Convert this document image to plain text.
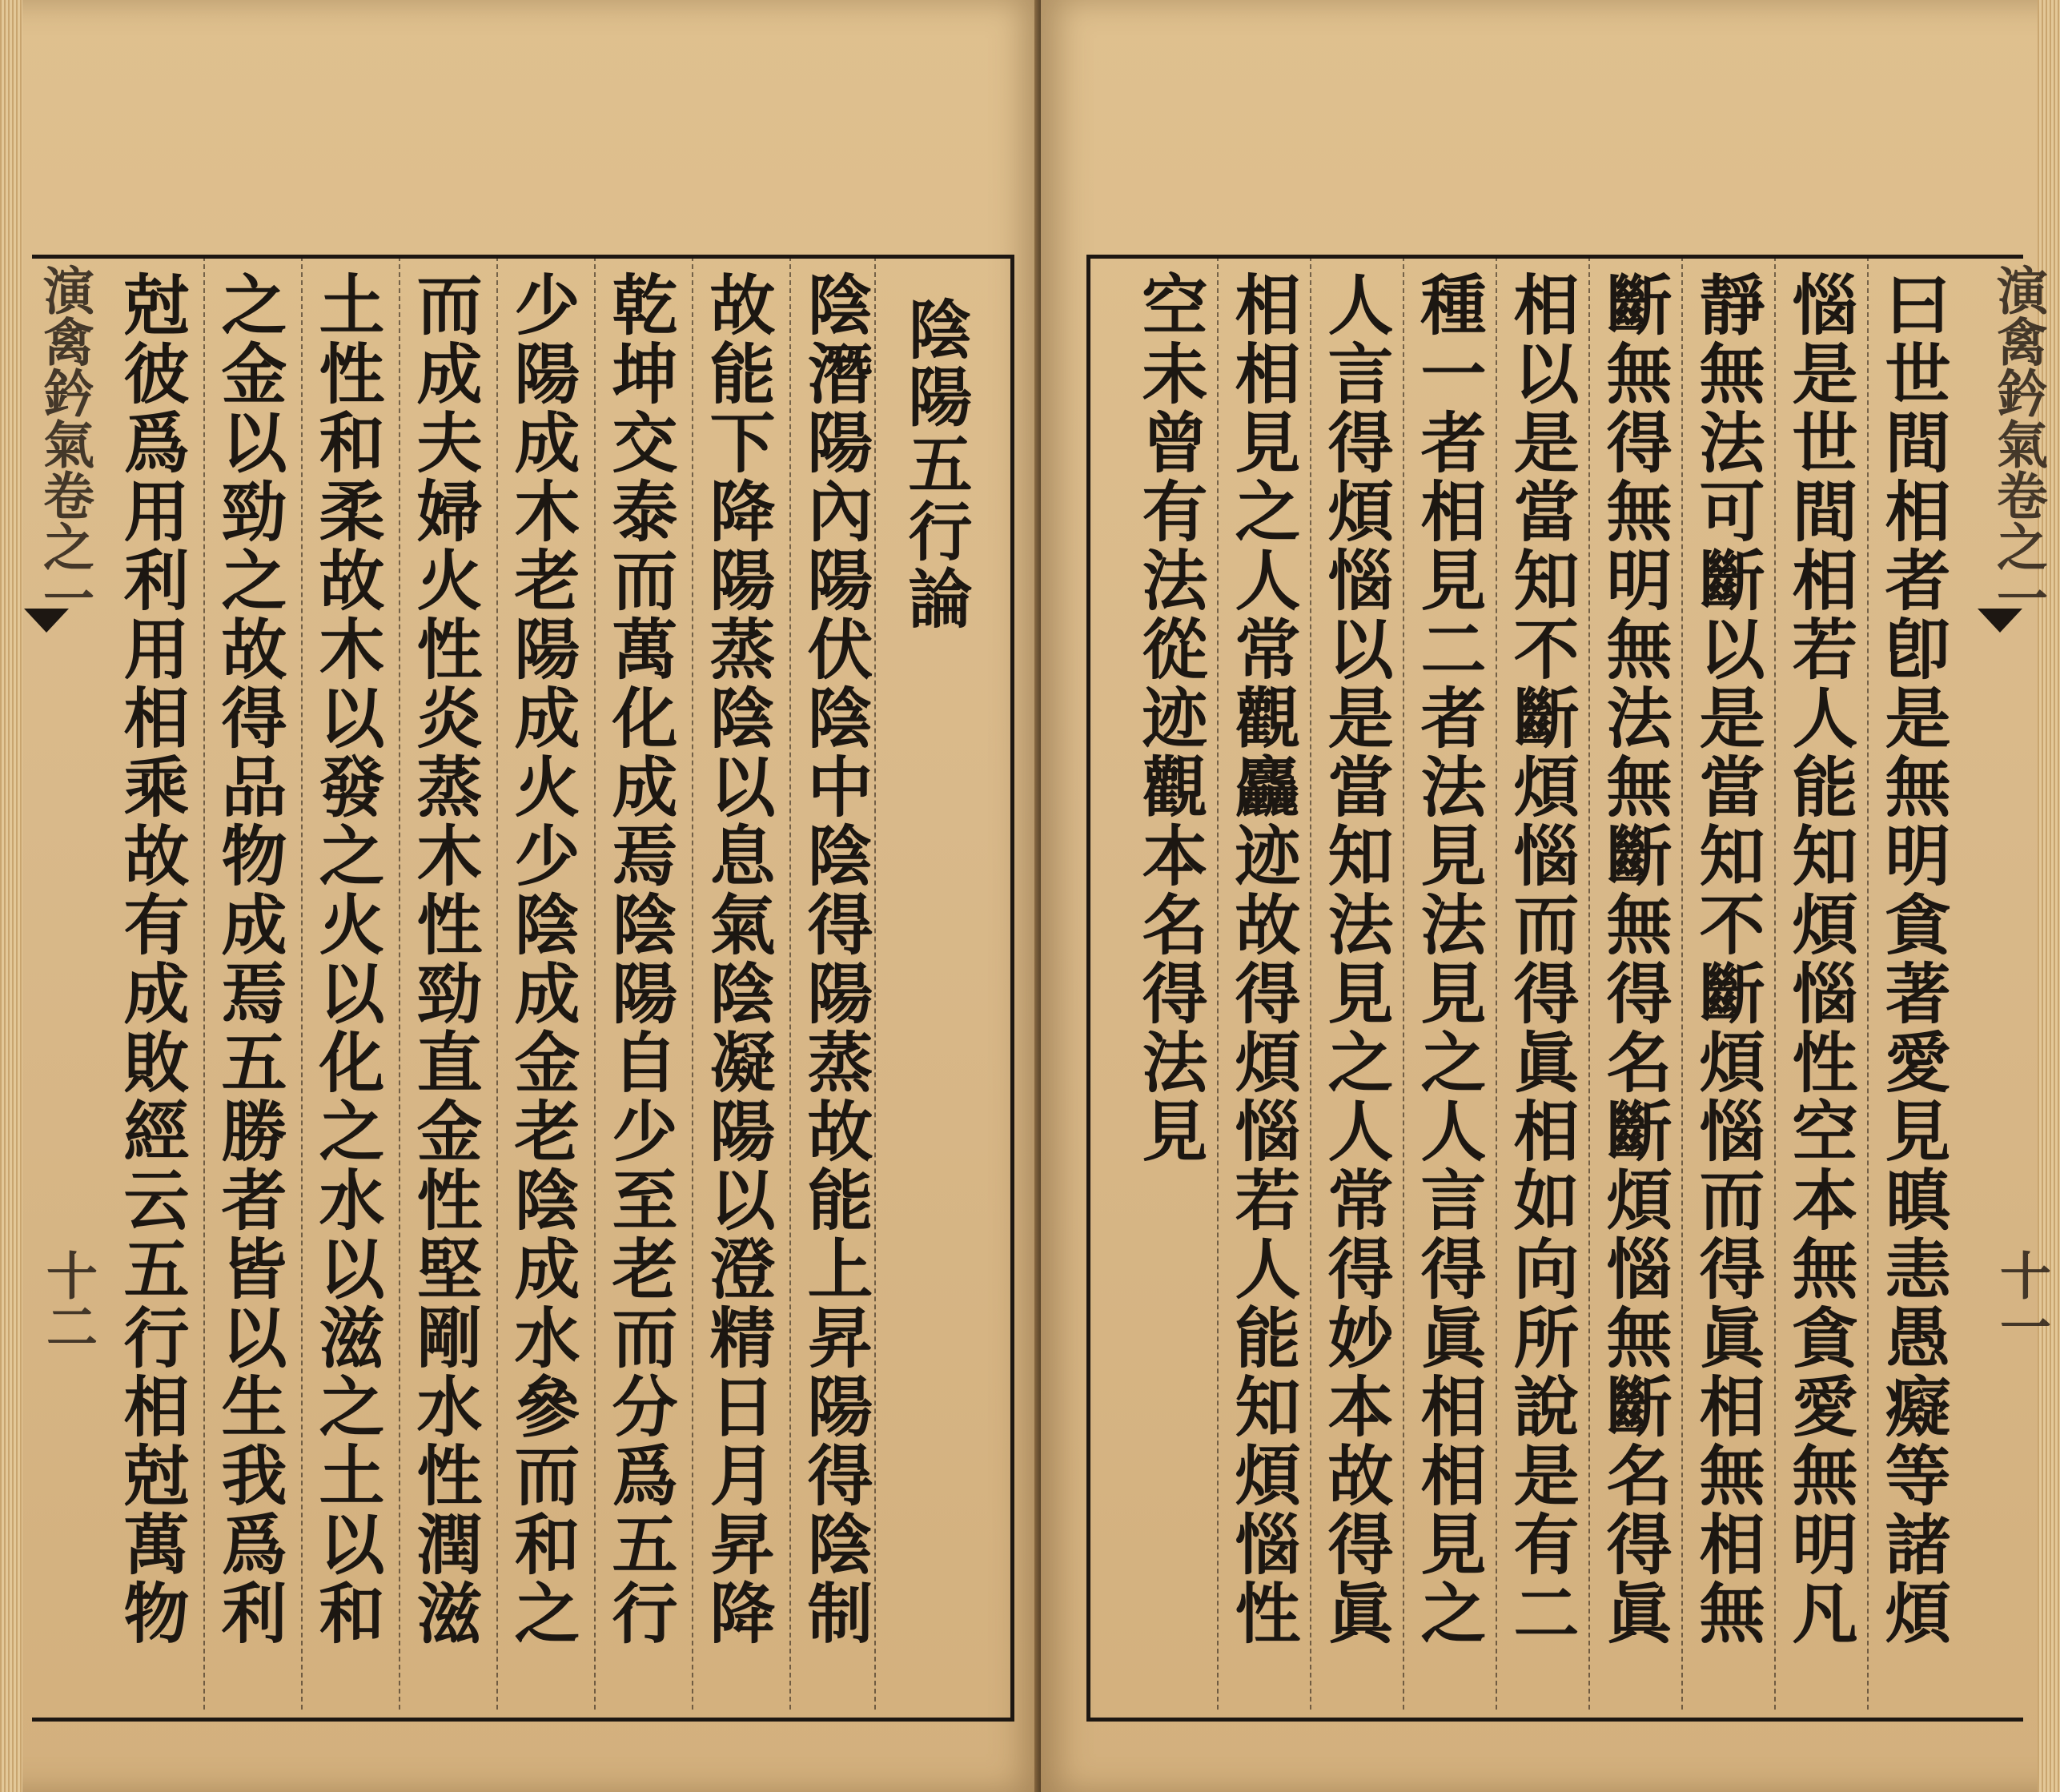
演禽鈐氣卷之一
十二
陰陽五行論
陰潛陽內陽伏陰中陰得陽蒸故能上昇陽得陰制
故能下降陽蒸陰以息氣陰凝陽以澄精日月昇降
乾坤交泰而萬化成焉陰陽自少至老而分爲五行
少陽成木老陽成火少陰成金老陰成水參而和之
而成夫婦火性炎蒸木性勁直金性堅剛水性潤滋
土性和柔故木以發之火以化之水以滋之土以和
之金以勁之故得品物成焉五勝者皆以生我爲利
尅彼爲用利用相乘故有成敗經云五行相尅萬物	演禽鈐氣卷之一
十一
曰世間相者卽是無明貪著愛見瞋恚愚癡等諸煩
惱是世間相若人能知煩惱性空本無貪愛無明凡
靜無法可斷以是當知不斷煩惱而得眞相無相無
斷無得無明無法無斷無得名斷煩惱無斷名得眞
相以是當知不斷煩惱而得眞相如向所說是有二
種一者相見二者法見法見之人言得眞相相見之
人言得煩惱以是當知法見之人常得妙本故得眞
相相見之人常觀麤迹故得煩惱若人能知煩惱性
空未曾有法從迹觀本名得法見
